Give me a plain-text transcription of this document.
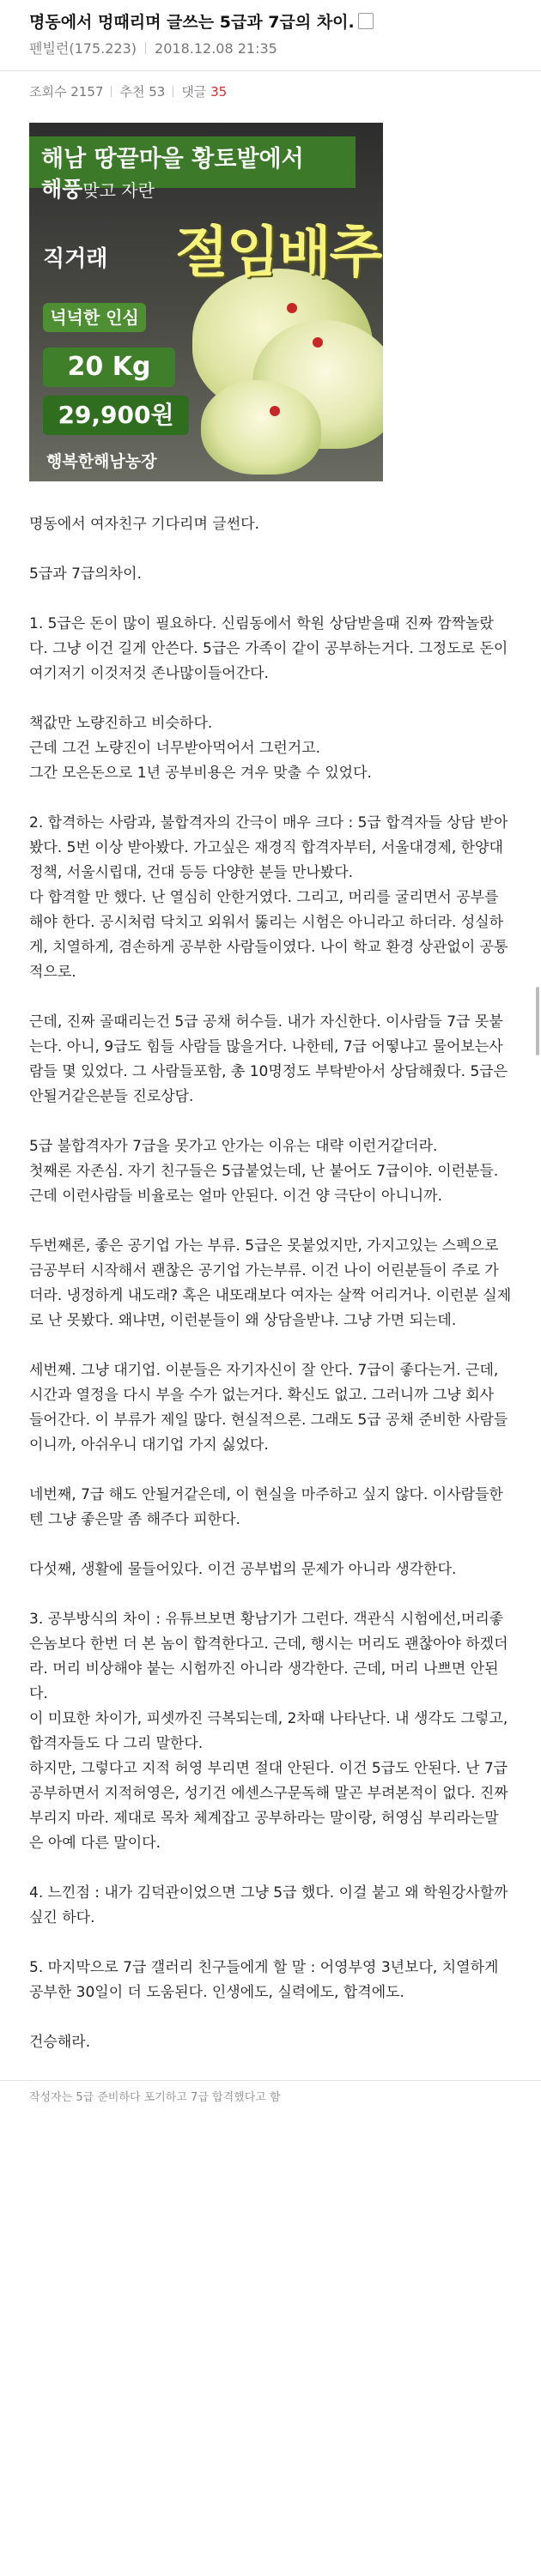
명동에서 멍때리며 글쓰는 5급과 7급의 차이.
펜빌런(175.223) 2018.12.08 21:35
조회수 2157 추천 53 댓글 35
해남 땅끝마을 황토밭에서
해풍맞고 자란
직거래 절임배추
넉넉한 인심
20 Kg
29,900원
행복한해남농장

명동에서 여자친구 기다리며 글썬다.

5급과 7급의차이.

1. 5급은 돈이 많이 필요하다. 신림동에서 학원 상담받을때 진짜 깜짝놀랐다. 그냥 이건 길게 안쓴다. 5급은 가족이 같이 공부하는거다. 그정도로 돈이 여기저기 이것저것 존나많이들어간다.

책값만 노량진하고 비슷하다.
근데 그건 노량진이 너무받아먹어서 그런거고.
그간 모은돈으로 1년 공부비용은 겨우 맞출 수 있었다.

2. 합격하는 사람과, 불합격자의 간극이 매우 크다 : 5급 합격자들 상담 받아봤다. 5번 이상 받아봤다. 가고싶은 재경직 합격자부터, 서울대경제, 한양대 정책, 서울시립대, 건대 등등 다양한 분들 만나봤다.
다 합격할 만 했다. 난 열심히 안한거였다. 그리고, 머리를 굴리면서 공부를 해야 한다. 공시처럼 닥치고 외워서 뚫리는 시험은 아니라고 하더라. 성실하게, 치열하게, 겸손하게 공부한 사람들이였다. 나이 학교 환경 상관없이 공통적으로.

근데, 진짜 골때리는건 5급 공채 허수들. 내가 자신한다. 이사람들 7급 못붙는다. 아니, 9급도 힘들 사람들 많을거다. 나한테, 7급 어떻냐고 물어보는사람들 몇 있었다. 그 사람들포함, 총 10명정도 부탁받아서 상담해줬다. 5급은 안될거같은분들 진로상담.

5급 불합격자가 7급을 못가고 안가는 이유는 대략 이런거같더라.
첫째론 자존심. 자기 친구들은 5급붙었는데, 난 붙어도 7급이야. 이런분들. 근데 이런사람들 비율로는 얼마 안된다. 이건 양 극단이 아니니까.

두번째론, 좋은 공기업 가는 부류. 5급은 못붙었지만, 가지고있는 스펙으로 금공부터 시작해서 괜찮은 공기업 가는부류. 이건 나이 어린분들이 주로 가더라. 냉정하게 내도래? 혹은 내또래보다 여자는 살짝 어리거나. 이런분 실제로 난 못봤다. 왜냐면, 이런분들이 왜 상담을받냐. 그냥 가면 되는데.

세번째. 그냥 대기업. 이분들은 자기자신이 잘 안다. 7급이 좋다는거. 근데, 시간과 열정을 다시 부을 수가 없는거다. 확신도 없고. 그러니까 그냥 회사 들어간다. 이 부류가 제일 많다. 현실적으론. 그래도 5급 공채 준비한 사람들이니까, 아쉬우니 대기업 가지 싫었다.

네번째, 7급 해도 안될거같은데, 이 현실을 마주하고 싶지 않다. 이사람들한텐 그냥 좋은말 좀 해주다 피한다.

다섯째, 생활에 물들어있다. 이건 공부법의 문제가 아니라 생각한다.

3. 공부방식의 차이 : 유튜브보면 황남기가 그런다. 객관식 시험에선,머리좋은놈보다 한번 더 본 놈이 합격한다고. 근데, 행시는 머리도 괜찮아야 하겠더라. 머리 비상해야 붙는 시험까진 아니라 생각한다. 근데, 머리 나쁘면 안된다.
이 미묘한 차이가, 피셋까진 극복되는데, 2차때 나타난다. 내 생각도 그렇고, 합격자들도 다 그리 말한다.
하지만, 그렇다고 지적 허영 부리면 절대 안된다. 이건 5급도 안된다. 난 7급공부하면서 지적허영은, 성기건 에센스구문독해 말곤 부려본적이 없다. 진짜 부리지 마라. 제대로 목차 체계잡고 공부하라는 말이랑, 허영심 부리라는말은 아예 다른 말이다.

4. 느낀점 : 내가 김덕관이었으면 그냥 5급 했다. 이걸 붙고 왜 학원강사할까 싶긴 하다.

5. 마지막으로 7급 갤러리 친구들에게 할 말 : 어영부영 3년보다, 치열하게 공부한 30일이 더 도움된다. 인생에도, 실력에도, 합격에도.

건승해라.

작성자는 5급 준비하다 포기하고 7급 합격했다고 함
